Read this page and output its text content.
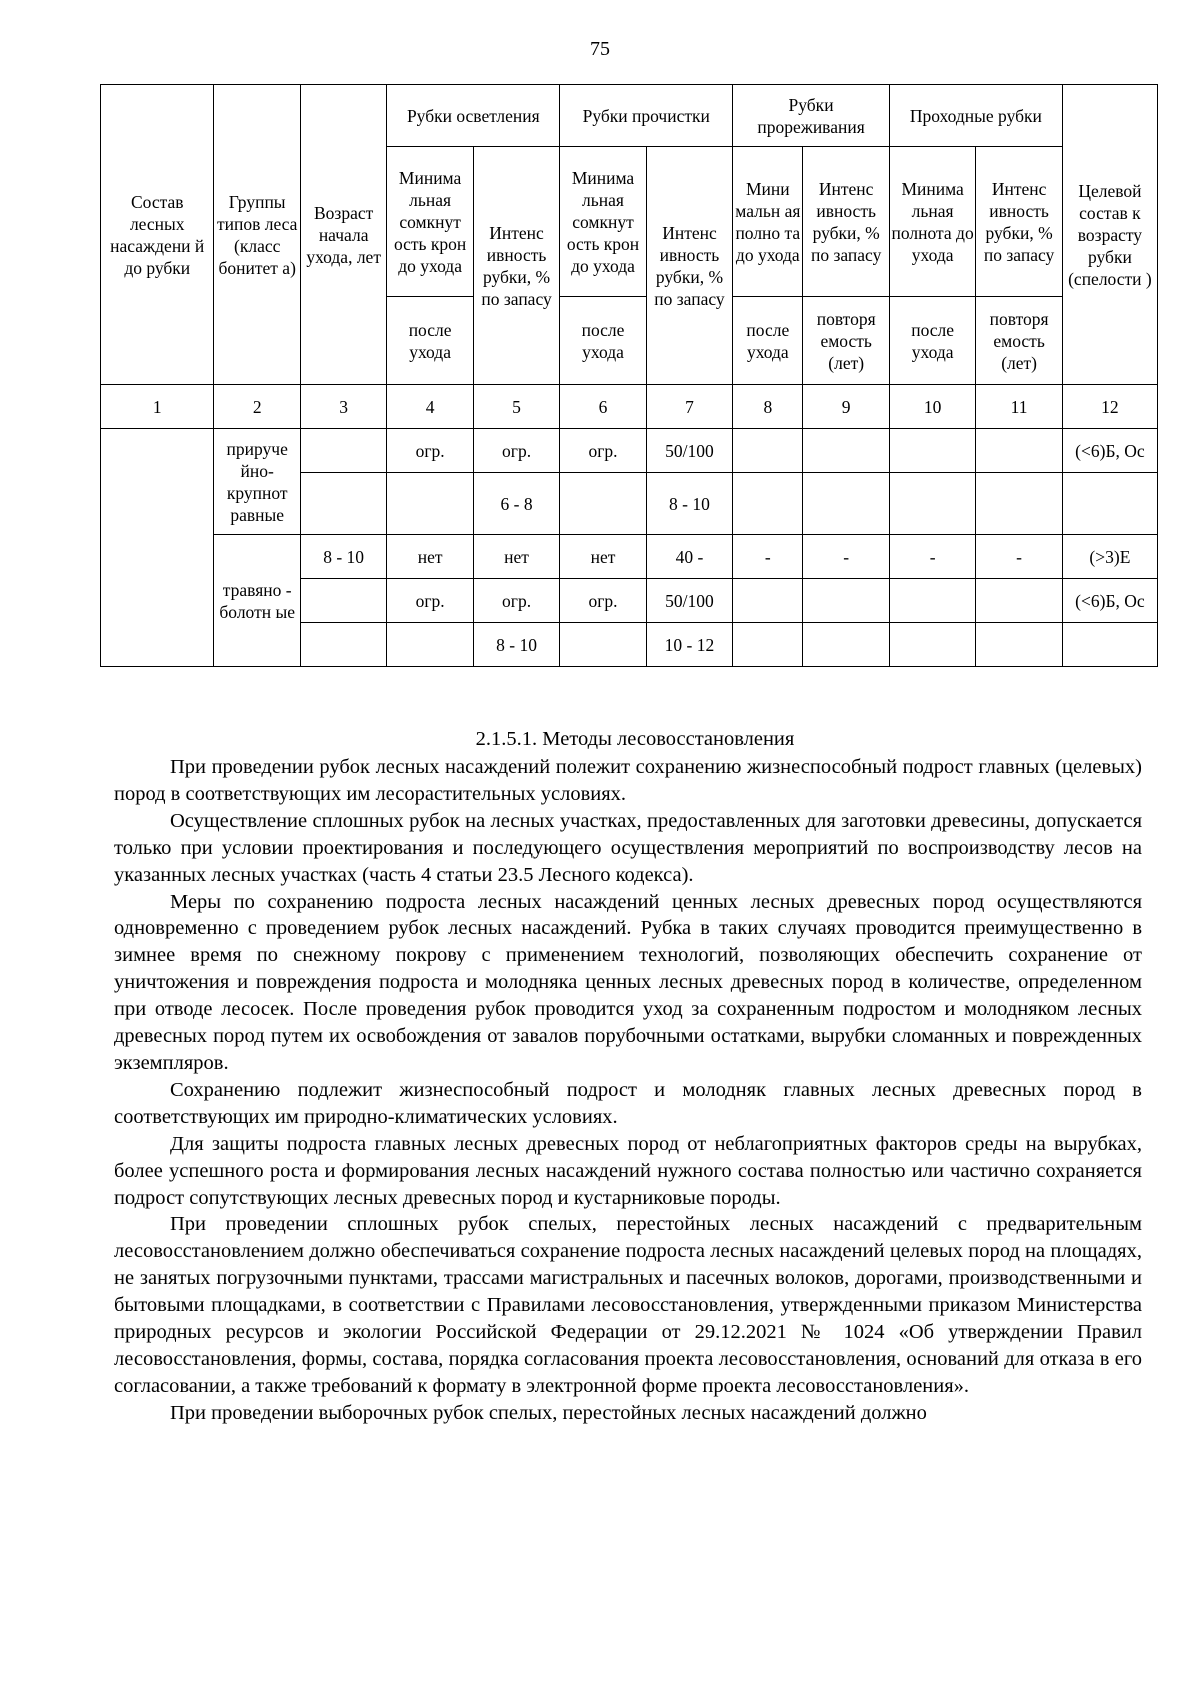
75
Состав лесных насаждени й до рубки	Группы типов леса (класс бонитет а)	Возраст начала ухода, лет	Рубки осветления		Рубки прочистки		Рубки прореживания		Проходные рубки		Целевой состав к возрасту рубки (спелости )
			Минима льная сомкнут ость крон до ухода	Интенс ивность рубки, % по запасу	Минима льная сомкнут ость крон до ухода	Интенс ивность рубки, % по запасу	Мини мальн ая полно та до ухода	Интенс ивность рубки, % по запасу	Минима льная полнота до ухода	Интенс ивность рубки, % по запасу	
			после ухода		после ухода		после ухода	повторя емость (лет)	после ухода	повторя емость (лет)	
1	2	3	4	5	6	7	8	9	10	11	12
	прируче йно- крупнот равные		огр.	огр.	огр.	50/100					(<6)Б, Ос
				6 - 8		8 - 10					
	травяно - болотн ые	8 - 10	нет	нет	нет	40 -	-	-	-	-	(>3)Е
			огр.	огр.	огр.	50/100					(<6)Б, Ос
				8 - 10		10 - 12					
2.1.5.1. Методы лесовосстановления

При проведении рубок лесных насаждений полежит сохранению жизнеспособный подрост главных (целевых) пород в соответствующих им лесорастительных условиях.

Осуществление сплошных рубок на лесных участках, предоставленных для заготовки древесины, допускается только при условии проектирования и последующего осуществления мероприятий по воспроизводству лесов на указанных лесных участках (часть 4 статьи 23.5 Лесного кодекса).

Меры по сохранению подроста лесных насаждений ценных лесных древесных пород осуществляются одновременно с проведением рубок лесных насаждений. Рубка в таких случаях проводится преимущественно в зимнее время по снежному покрову с применением технологий, позволяющих обеспечить сохранение от уничтожения и повреждения подроста и молодняка ценных лесных древесных пород в количестве, определенном при отводе лесосек. После проведения рубок проводится уход за сохраненным подростом и молодняком лесных древесных пород путем их освобождения от завалов порубочными остатками, вырубки сломанных и поврежденных экземпляров.

Сохранению подлежит жизнеспособный подрост и молодняк главных лесных древесных пород в соответствующих им природно-климатических условиях.

Для защиты подроста главных лесных древесных пород от неблагоприятных факторов среды на вырубках, более успешного роста и формирования лесных насаждений нужного состава полностью или частично сохраняется подрост сопутствующих лесных древесных пород и кустарниковые породы.

При проведении сплошных рубок спелых, перестойных лесных насаждений с предварительным лесовосстановлением должно обеспечиваться сохранение подроста лесных насаждений целевых пород на площадях, не занятых погрузочными пунктами, трассами магистральных и пасечных волоков, дорогами, производственными и бытовыми площадками, в соответствии с Правилами лесовосстановления, утвержденными приказом Министерства природных ресурсов и экологии Российской Федерации от 29.12.2021 № 1024 «Об утверждении Правил лесовосстановления, формы, состава, порядка согласования проекта лесовосстановления, оснований для отказа в его согласовании, а также требований к формату в электронной форме проекта лесовосстановления».

При проведении выборочных рубок спелых, перестойных лесных насаждений должно
